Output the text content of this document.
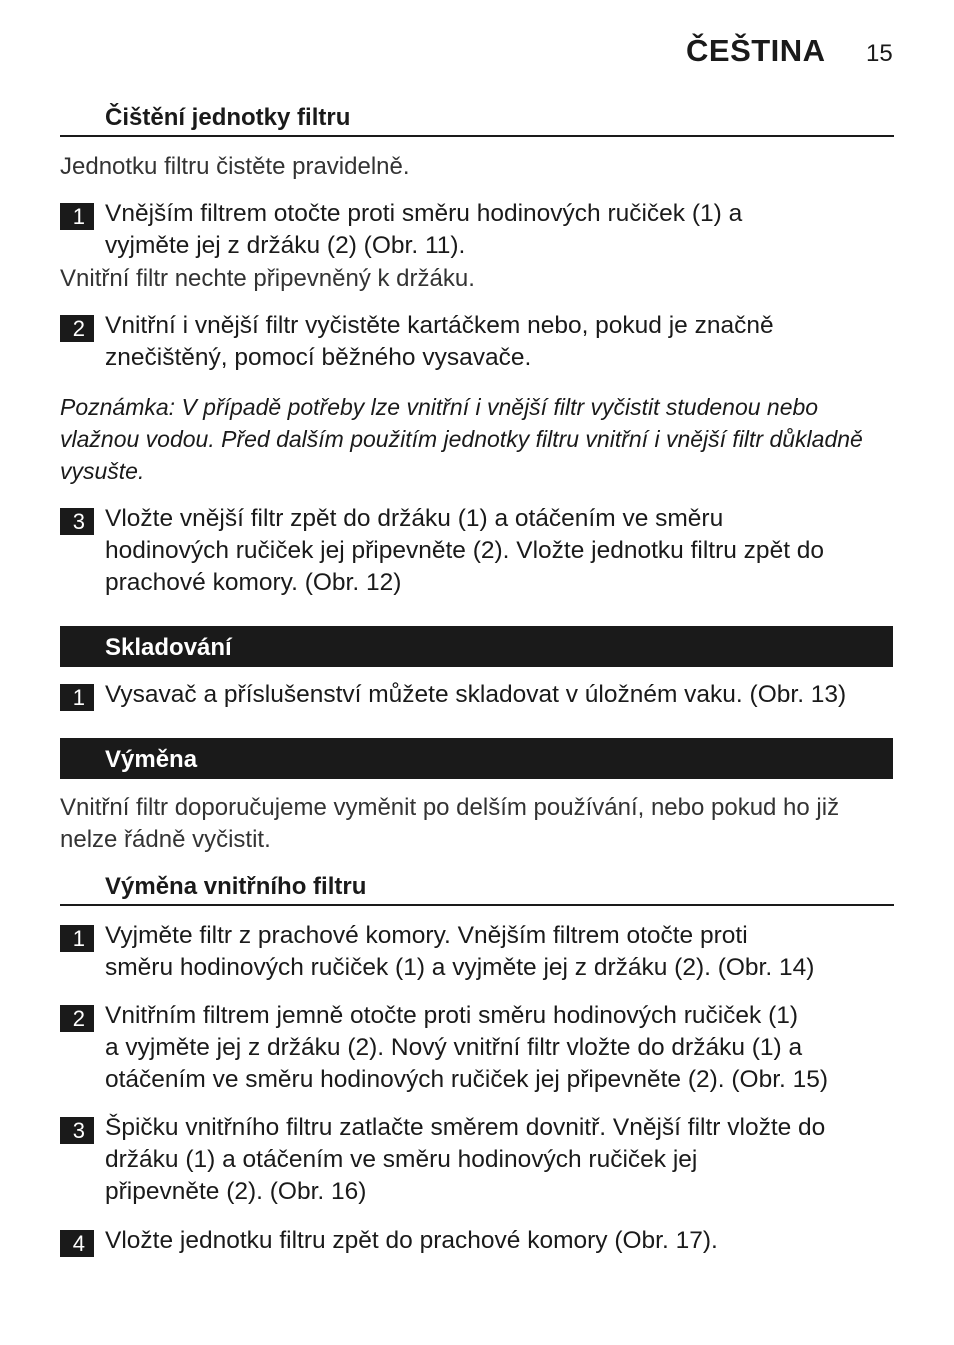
ČEŠTINA 15
Čištění jednotky filtru
Jednotku filtru čistěte pravidelně.
1 Vnějším filtrem otočte proti směru hodinových ručiček (1) a
vyjměte jej z držáku (2) (Obr. 11).
Vnitřní filtr nechte připevněný k držáku.
2 Vnitřní i vnější filtr vyčistěte kartáčkem nebo, pokud je značně
znečištěný, pomocí běžného vysavače.
Poznámka: V případě potřeby lze vnitřní i vnější filtr vyčistit studenou nebo vlažnou vodou. Před dalším použitím jednotky filtru vnitřní i vnější filtr důkladně vysušte.
3 Vložte vnější filtr zpět do držáku (1) a otáčením ve směru
hodinových ručiček jej připevněte (2). Vložte jednotku filtru zpět do
prachové komory. (Obr. 12)
Skladování
1 Vysavač a příslušenství můžete skladovat v úložném vaku. (Obr. 13)
Výměna
Vnitřní filtr doporučujeme vyměnit po delším používání, nebo pokud ho již nelze řádně vyčistit.
Výměna vnitřního filtru
1 Vyjměte filtr z prachové komory. Vnějším filtrem otočte proti
směru hodinových ručiček (1) a vyjměte jej z držáku (2). (Obr. 14)
2 Vnitřním filtrem jemně otočte proti směru hodinových ručiček (1)
a vyjměte jej z držáku (2). Nový vnitřní filtr vložte do držáku (1) a
otáčením ve směru hodinových ručiček jej připevněte (2). (Obr. 15)
3 Špičku vnitřního filtru zatlačte směrem dovnitř. Vnější filtr vložte do
držáku (1) a otáčením ve směru hodinových ručiček jej
připevněte (2). (Obr. 16)
4 Vložte jednotku filtru zpět do prachové komory (Obr. 17).
